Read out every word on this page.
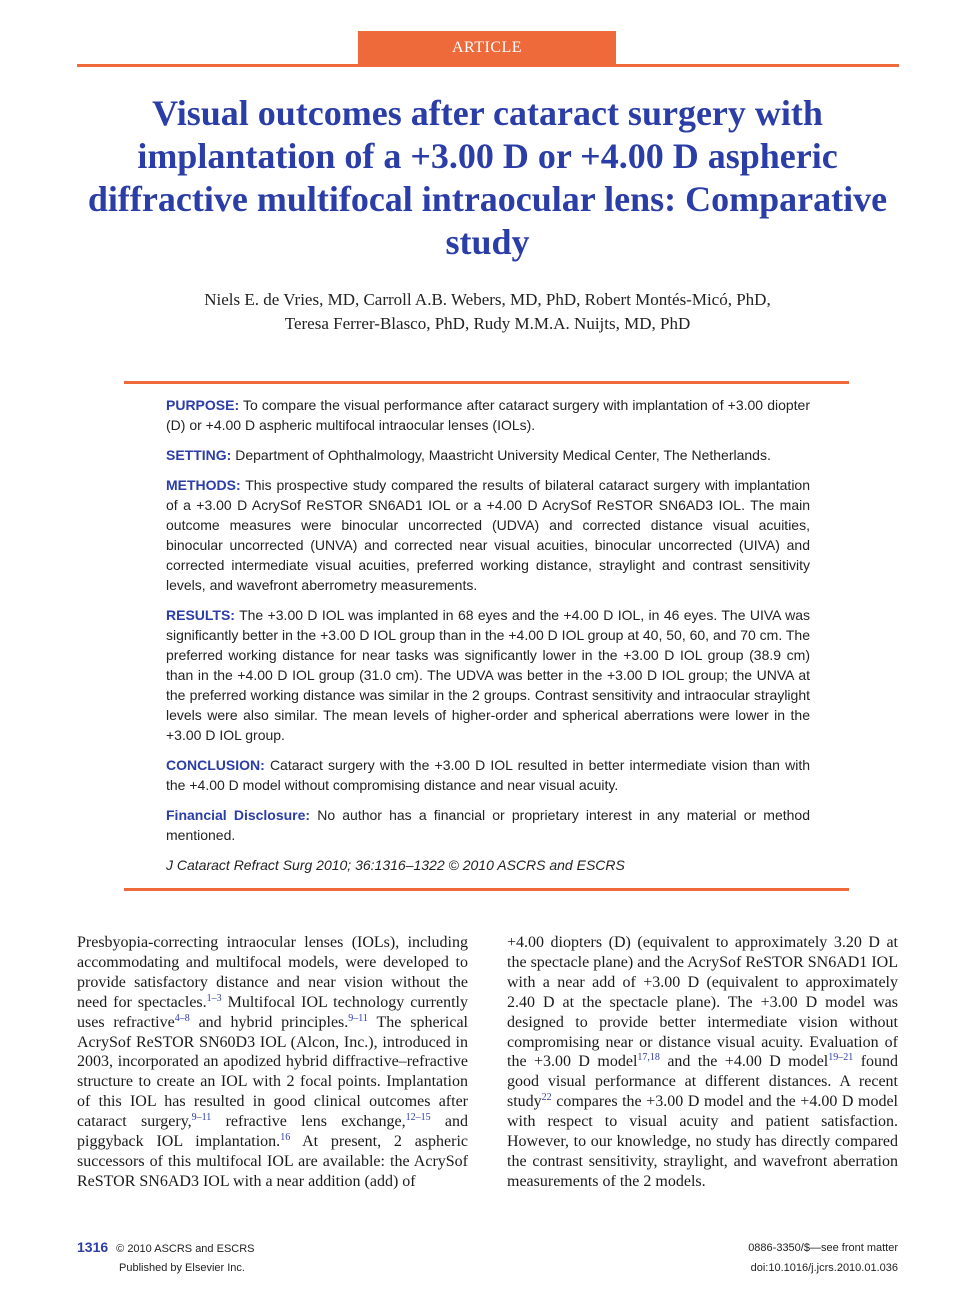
ARTICLE
Visual outcomes after cataract surgery with implantation of a +3.00 D or +4.00 D aspheric diffractive multifocal intraocular lens: Comparative study
Niels E. de Vries, MD, Carroll A.B. Webers, MD, PhD, Robert Montés-Micó, PhD,
Teresa Ferrer-Blasco, PhD, Rudy M.M.A. Nuijts, MD, PhD

PURPOSE: To compare the visual performance after cataract surgery with implantation of +3.00 diopter (D) or +4.00 D aspheric multifocal intraocular lenses (IOLs).

SETTING: Department of Ophthalmology, Maastricht University Medical Center, The Netherlands.

METHODS: This prospective study compared the results of bilateral cataract surgery with implantation of a +3.00 D AcrySof ReSTOR SN6AD1 IOL or a +4.00 D AcrySof ReSTOR SN6AD3 IOL. The main outcome measures were binocular uncorrected (UDVA) and corrected distance visual acuities, binocular uncorrected (UNVA) and corrected near visual acuities, binocular uncorrected (UIVA) and corrected intermediate visual acuities, preferred working distance, straylight and contrast sensitivity levels, and wavefront aberrometry measurements.

RESULTS: The +3.00 D IOL was implanted in 68 eyes and the +4.00 D IOL, in 46 eyes. The UIVA was significantly better in the +3.00 D IOL group than in the +4.00 D IOL group at 40, 50, 60, and 70 cm. The preferred working distance for near tasks was significantly lower in the +3.00 D IOL group (38.9 cm) than in the +4.00 D IOL group (31.0 cm). The UDVA was better in the +3.00 D IOL group; the UNVA at the preferred working distance was similar in the 2 groups. Contrast sensitivity and intraocular straylight levels were also similar. The mean levels of higher-order and spherical aberrations were lower in the +3.00 D IOL group.

CONCLUSION: Cataract surgery with the +3.00 D IOL resulted in better intermediate vision than with the +4.00 D model without compromising distance and near visual acuity.

Financial Disclosure: No author has a financial or proprietary interest in any material or method mentioned.

J Cataract Refract Surg 2010; 36:1316–1322 © 2010 ASCRS and ESCRS

Presbyopia-correcting intraocular lenses (IOLs), including accommodating and multifocal models, were developed to provide satisfactory distance and near vision without the need for spectacles.$^{1-3}$ Multifocal IOL technology currently uses refractive$^{4-8}$ and hybrid principles.$^{9-11}$ The spherical AcrySof ReSTOR SN60D3 IOL (Alcon, Inc.), introduced in 2003, incorporated an apodized hybrid diffractive–refractive structure to create an IOL with 2 focal points. Implantation of this IOL has resulted in good clinical outcomes after cataract surgery,$^{9-11}$ refractive lens exchange,$^{12-15}$ and piggyback IOL implantation.$^{16}$ At present, 2 aspheric successors of this multifocal IOL are available: the AcrySof ReSTOR SN6AD3 IOL with a near addition (add) of

+4.00 diopters (D) (equivalent to approximately 3.20 D at the spectacle plane) and the AcrySof ReSTOR SN6AD1 IOL with a near add of +3.00 D (equivalent to approximately 2.40 D at the spectacle plane). The +3.00 D model was designed to provide better intermediate vision without compromising near or distance visual acuity. Evaluation of the +3.00 D model$^{17,18}$ and the +4.00 D model$^{19-21}$ found good visual performance at different distances. A recent study$^{22}$ compares the +3.00 D model and the +4.00 D model with respect to visual acuity and patient satisfaction. However, to our knowledge, no study has directly compared the contrast sensitivity, straylight, and wavefront aberration measurements of the 2 models.

1316 © 2010 ASCRS and ESCRS
Published by Elsevier Inc.
0886-3350/$—see front matter
doi:10.1016/j.jcrs.2010.01.036
